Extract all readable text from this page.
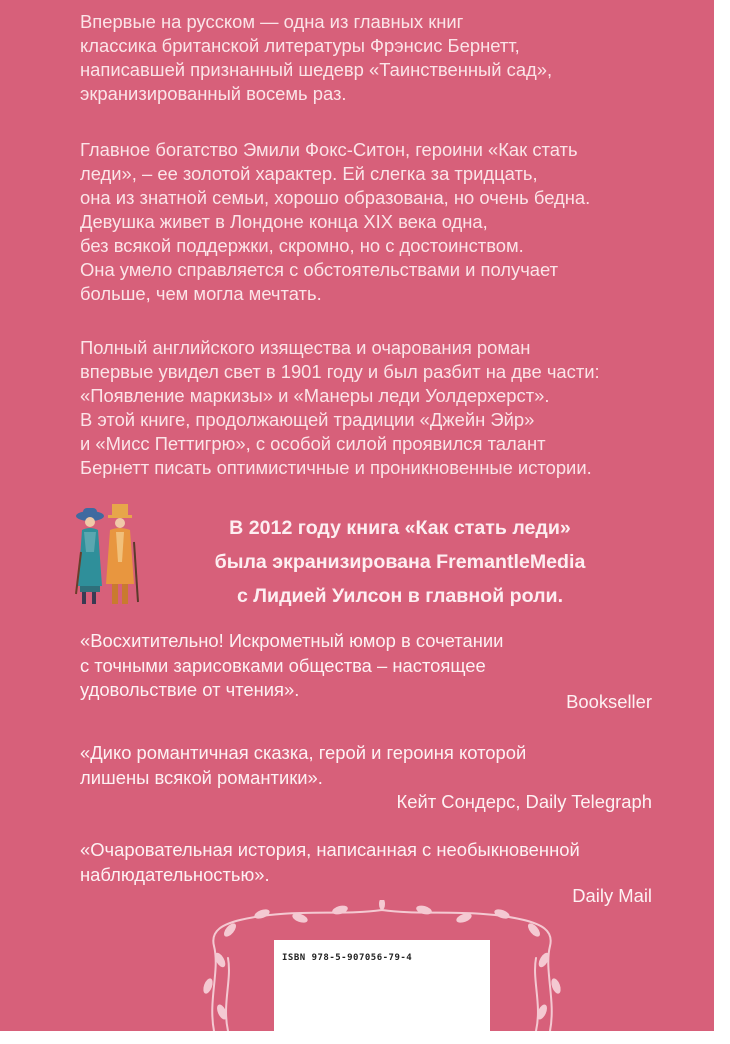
Впервые на русском — одна из главных книг
классика британской литературы Фрэнсис Бернетт,
написавшей признанный шедевр «Таинственный сад»,
экранизированный восемь раз.

Главное богатство Эмили Фокс-Ситон, героини «Как стать
леди», – ее золотой характер. Ей слегка за тридцать,
она из знатной семьи, хорошо образована, но очень бедна.
Девушка живет в Лондоне конца XIX века одна,
без всякой поддержки, скромно, но с достоинством.
Она умело справляется с обстоятельствами и получает
больше, чем могла мечтать.

Полный английского изящества и очарования роман
впервые увидел свет в 1901 году и был разбит на две части:
«Появление маркизы» и «Манеры леди Уолдерхерст».
В этой книге, продолжающей традиции «Джейн Эйр»
и «Мисс Петтигрю», с особой силой проявился талант
Бернетт писать оптимистичные и проникновенные истории.

В 2012 году книга «Как стать леди»
была экранизирована FremantleMedia
с Лидией Уилсон в главной роли.

«Восхитительно! Искрометный юмор в сочетании
с точными зарисовками общества – настоящее
удовольствие от чтения».

Bookseller

«Дико романтичная сказка, герой и героиня которой
лишены всякой романтики».

Кейт Сондерс, Daily Telegraph

«Очаровательная история, написанная с необыкновенной
наблюдательностью».

Daily Mail

ISBN 978-5-907056-79-4
